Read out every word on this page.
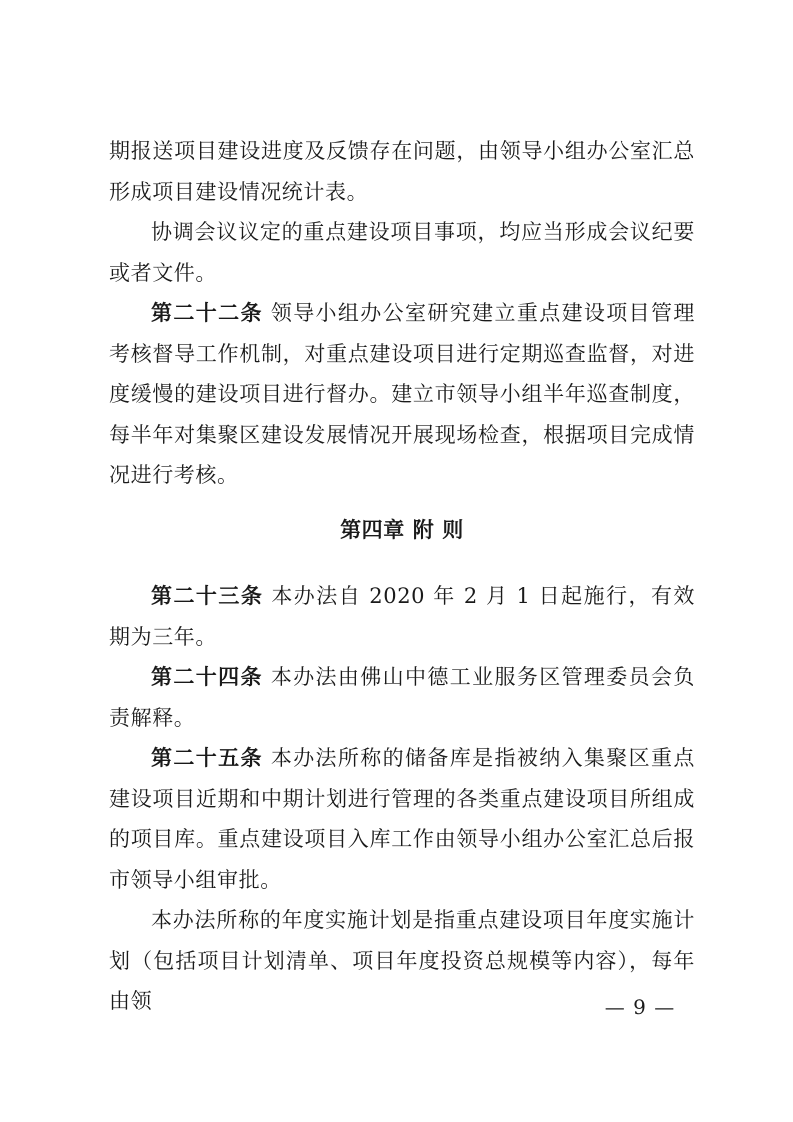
期报送项目建设进度及反馈存在问题，由领导小组办公室汇总形成项目建设情况统计表。

协调会议议定的重点建设项目事项，均应当形成会议纪要或者文件。

第二十二条 领导小组办公室研究建立重点建设项目管理考核督导工作机制，对重点建设项目进行定期巡查监督，对进度缓慢的建设项目进行督办。建立市领导小组半年巡查制度，每半年对集聚区建设发展情况开展现场检查，根据项目完成情况进行考核。

第四章 附 则

第二十三条 本办法自 2020 年 2 月 1 日起施行，有效期为三年。

第二十四条 本办法由佛山中德工业服务区管理委员会负责解释。

第二十五条 本办法所称的储备库是指被纳入集聚区重点建设项目近期和中期计划进行管理的各类重点建设项目所组成的项目库。重点建设项目入库工作由领导小组办公室汇总后报市领导小组审批。

本办法所称的年度实施计划是指重点建设项目年度实施计划（包括项目计划清单、项目年度投资总规模等内容），每年由领	— 9 —
